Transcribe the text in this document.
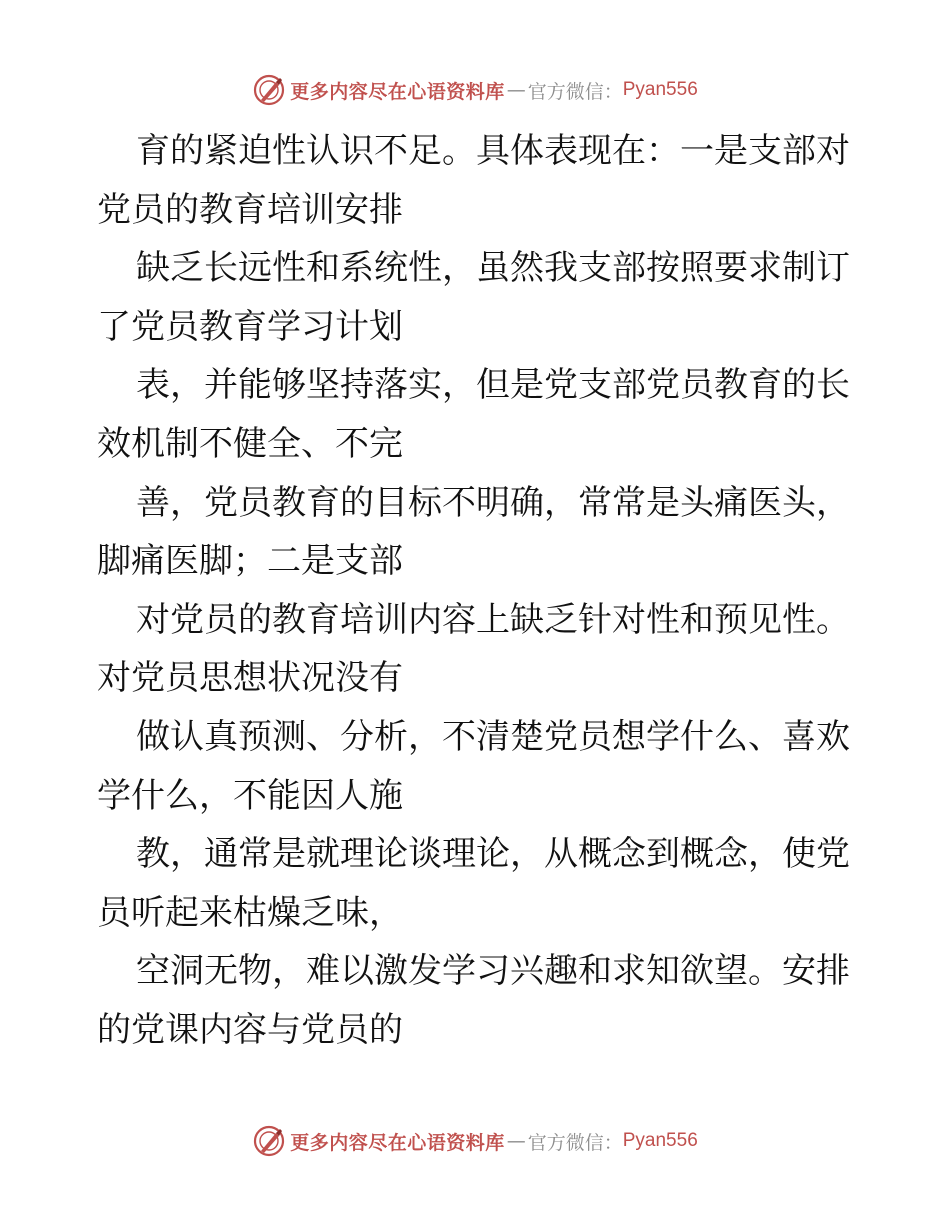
更多内容尽在心语资料库 — 官方微信： Pyan556
育的紧迫性认识不足。具体表现在：一是支部对
党员的教育培训安排
缺乏长远性和系统性，虽然我支部按照要求制订
了党员教育学习计划
表，并能够坚持落实，但是党支部党员教育的长
效机制不健全、不完
善，党员教育的目标不明确，常常是头痛医头，
脚痛医脚；二是支部
对党员的教育培训内容上缺乏针对性和预见性。
对党员思想状况没有
做认真预测、分析，不清楚党员想学什么、喜欢
学什么，不能因人施
教，通常是就理论谈理论，从概念到概念，使党
员听起来枯燥乏味，
空洞无物，难以激发学习兴趣和求知欲望。安排
的党课内容与党员的
更多内容尽在心语资料库 — 官方微信： Pyan556
